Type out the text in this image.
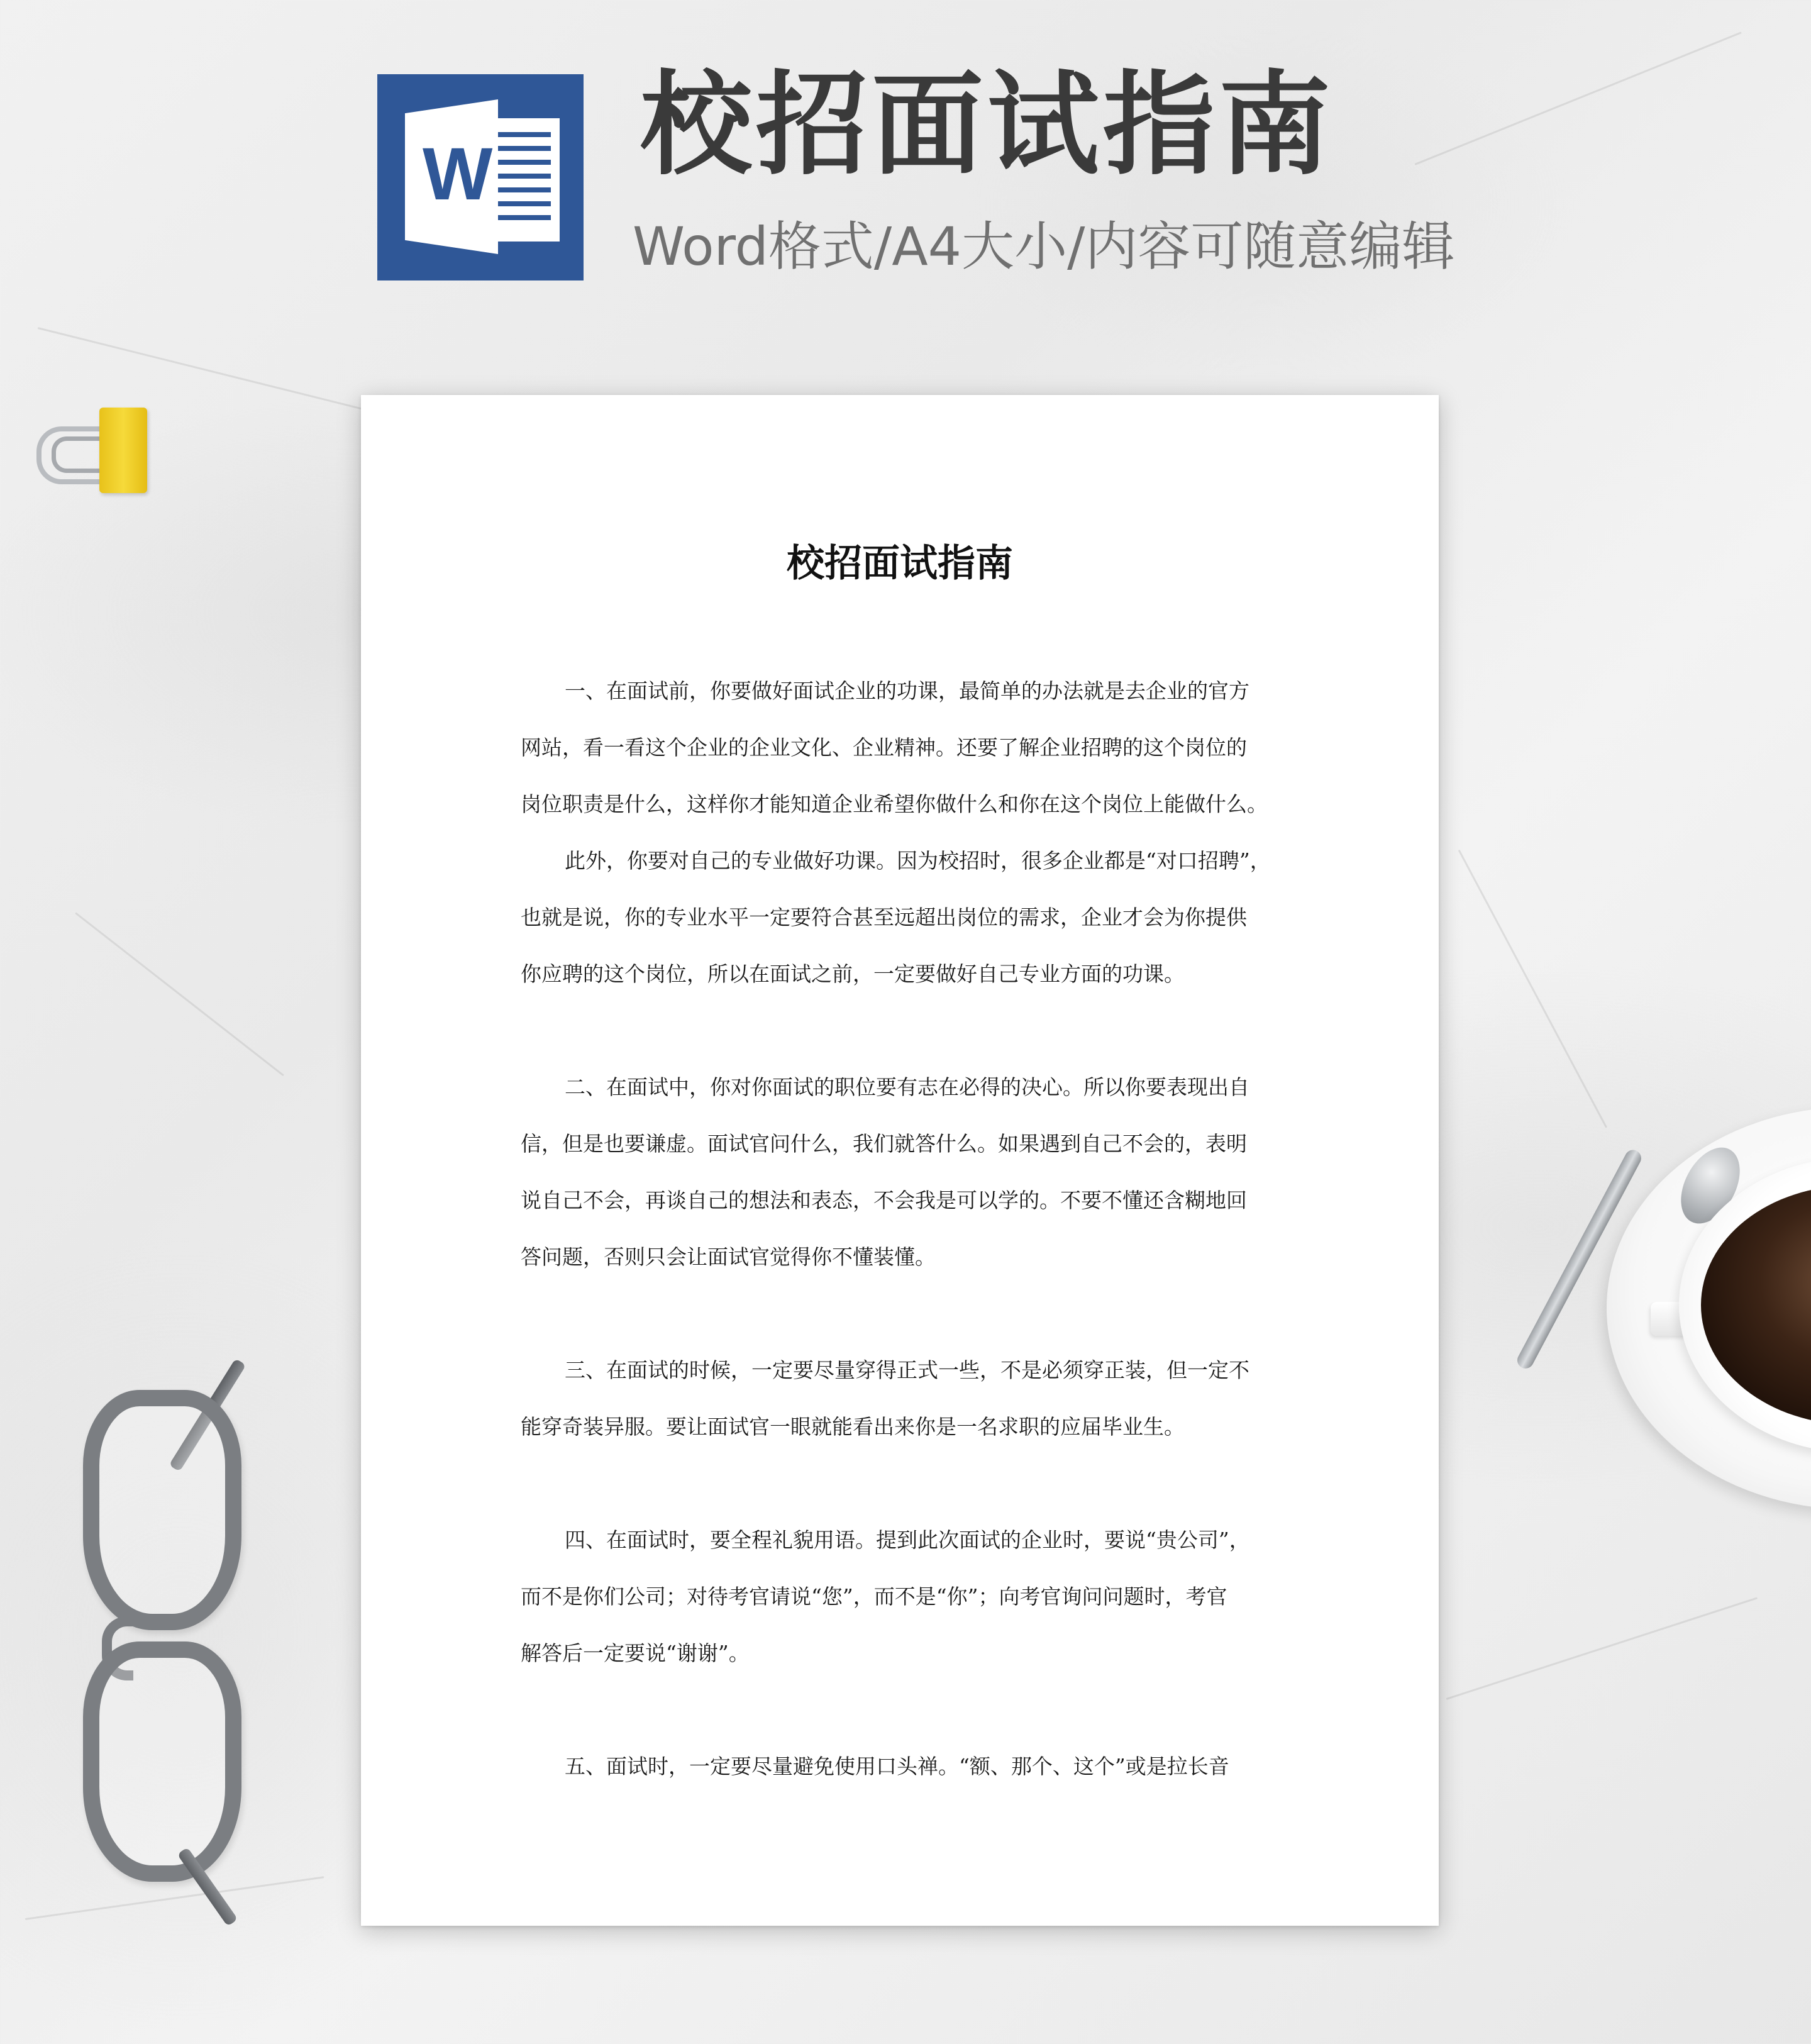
W 校招面试指南
Word格式/A4大小/内容可随意编辑
校招面试指南
一、在面试前，你要做好面试企业的功课，最简单的办法就是去企业的官方
网站，看一看这个企业的企业文化、企业精神。还要了解企业招聘的这个岗位的
岗位职责是什么，这样你才能知道企业希望你做什么和你在这个岗位上能做什么。
此外，你要对自己的专业做好功课。因为校招时，很多企业都是“对口招聘”，
也就是说，你的专业水平一定要符合甚至远超出岗位的需求，企业才会为你提供
你应聘的这个岗位，所以在面试之前，一定要做好自己专业方面的功课。
二、在面试中，你对你面试的职位要有志在必得的决心。所以你要表现出自
信，但是也要谦虚。面试官问什么，我们就答什么。如果遇到自己不会的，表明
说自己不会，再谈自己的想法和表态，不会我是可以学的。不要不懂还含糊地回
答问题，否则只会让面试官觉得你不懂装懂。
三、在面试的时候，一定要尽量穿得正式一些，不是必须穿正装，但一定不
能穿奇装异服。要让面试官一眼就能看出来你是一名求职的应届毕业生。
四、在面试时，要全程礼貌用语。提到此次面试的企业时，要说“贵公司”，
而不是你们公司；对待考官请说“您”，而不是“你”；向考官询问问题时，考官
解答后一定要说“谢谢”。
五、面试时，一定要尽量避免使用口头禅。“额、那个、这个”或是拉长音
